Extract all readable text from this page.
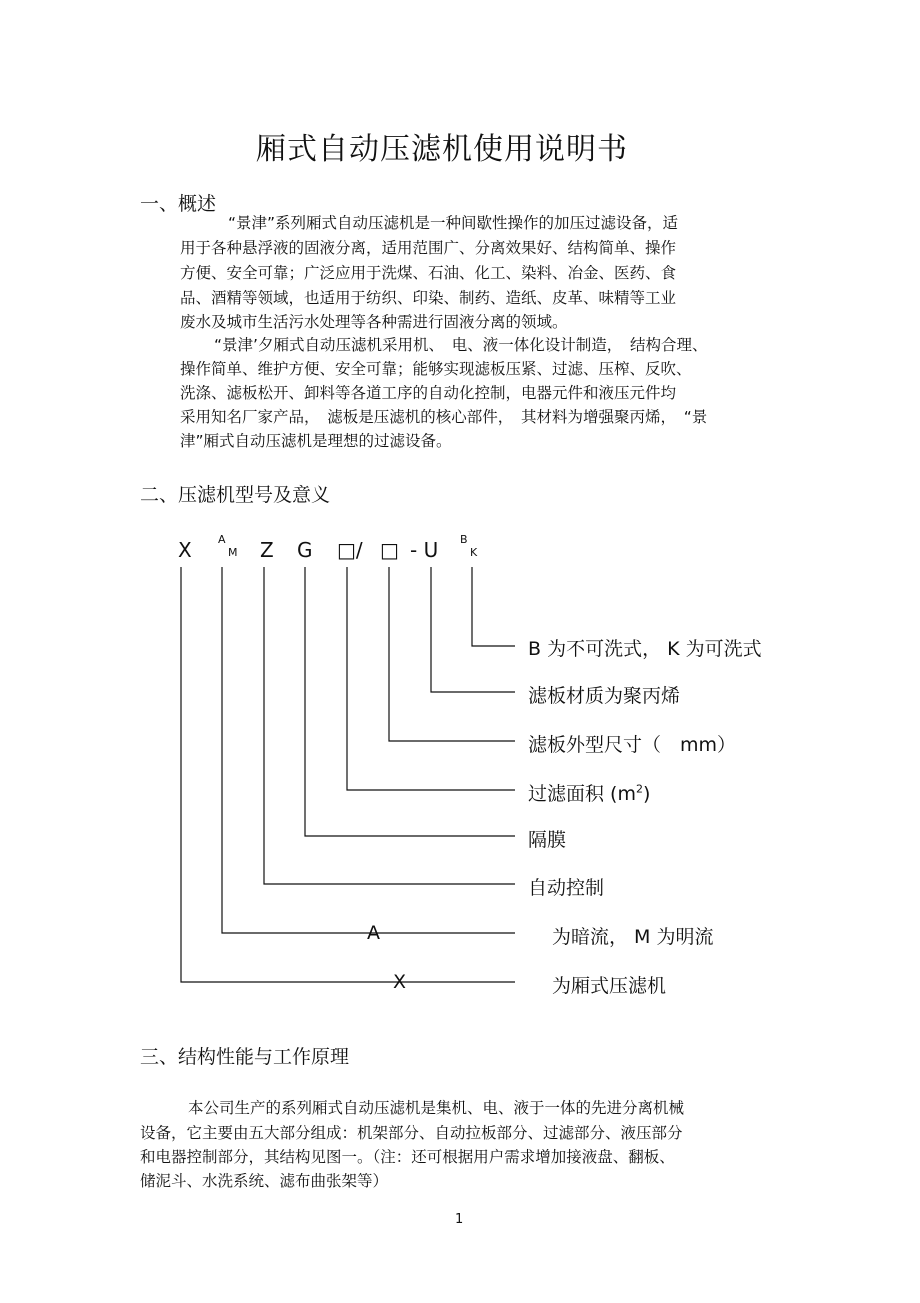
厢式自动压滤机使用说明书
一、概述
“景津”系列厢式自动压滤机是一种间歇性操作的加压过滤设备，适
用于各种悬浮液的固液分离，适用范围广、分离效果好、结构简单、操作
方便、安全可靠；广泛应用于洗煤、石油、化工、染料、冶金、医药、食
品、酒精等领域，也适用于纺织、印染、制药、造纸、皮革、味精等工业
废水及城市生活污水处理等各种需进行固液分离的领域。
“景津’夕厢式自动压滤机采用机、　电、液一体化设计制造，　结构合理、
操作简单、维护方便、安全可靠；能够实现滤板压紧、过滤、压榨、反吹、
洗涤、滤板松开、卸料等各道工序的自动化控制，电器元件和液压元件均
采用知名厂家产品，　滤板是压滤机的核心部件，　其材料为增强聚丙烯，　“景
津”厢式自动压滤机是理想的过滤设备。
二、压滤机型号及意义
X A
M Z G □/ □ - U B
K
B 为不可洗式， K 为可洗式
滤板材质为聚丙烯
滤板外型尺寸（　mm）
过滤面积 $(m^2)$
隔膜
自动控制
A	为暗流， M 为明流
X	为厢式压滤机
三、结构性能与工作原理
本公司生产的系列厢式自动压滤机是集机、电、液于一体的先进分离机械
设备，它主要由五大部分组成：机架部分、自动拉板部分、过滤部分、液压部分
和电器控制部分，其结构见图一。（注：还可根据用户需求增加接液盘、翻板、
储泥斗、水洗系统、滤布曲张架等）
1
